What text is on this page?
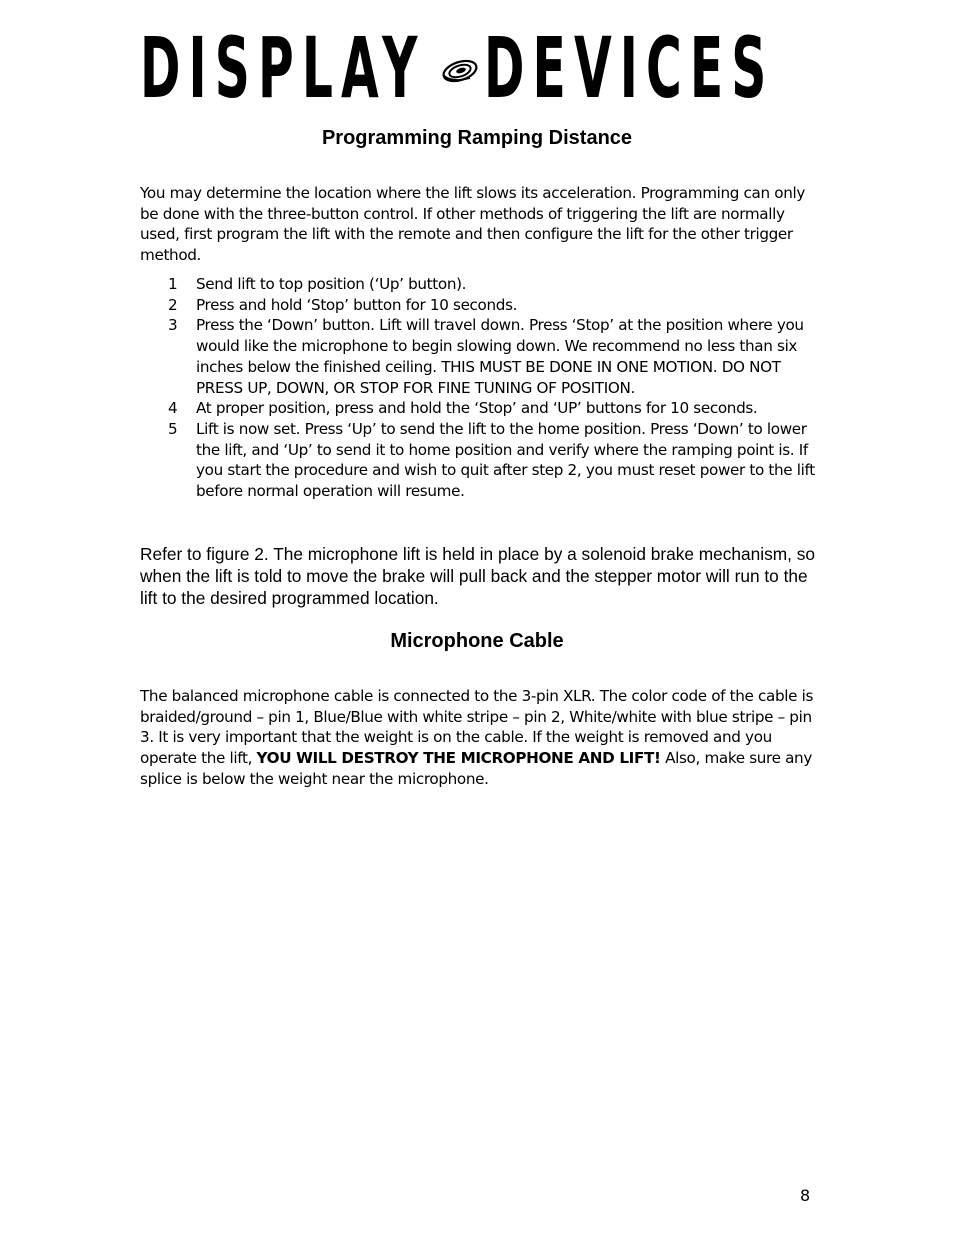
DISPLAY DEVICES
Programming Ramping Distance

You may determine the location where the lift slows its acceleration. Programming can only be done with the three-button control. If other methods of triggering the lift are normally used, first program the lift with the remote and then configure the lift for the other trigger method.

1 Send lift to top position (‘Up’ button).
2 Press and hold ‘Stop’ button for 10 seconds.
3 Press the ‘Down’ button. Lift will travel down. Press ‘Stop’ at the position where you would like the microphone to begin slowing down. We recommend no less than six inches below the finished ceiling. THIS MUST BE DONE IN ONE MOTION. DO NOT PRESS UP, DOWN, OR STOP FOR FINE TUNING OF POSITION.
4 At proper position, press and hold the ‘Stop’ and ‘UP’ buttons for 10 seconds.
5 Lift is now set. Press ‘Up’ to send the lift to the home position. Press ‘Down’ to lower the lift, and ‘Up’ to send it to home position and verify where the ramping point is. If you start the procedure and wish to quit after step 2, you must reset power to the lift before normal operation will resume.

Refer to figure 2. The microphone lift is held in place by a solenoid brake mechanism, so when the lift is told to move the brake will pull back and the stepper motor will run to the lift to the desired programmed location.

Microphone Cable

The balanced microphone cable is connected to the 3-pin XLR. The color code of the cable is braided/ground – pin 1, Blue/Blue with white stripe – pin 2, White/white with blue stripe – pin 3. It is very important that the weight is on the cable. If the weight is removed and you operate the lift, YOU WILL DESTROY THE MICROPHONE AND LIFT! Also, make sure any splice is below the weight near the microphone.

8
